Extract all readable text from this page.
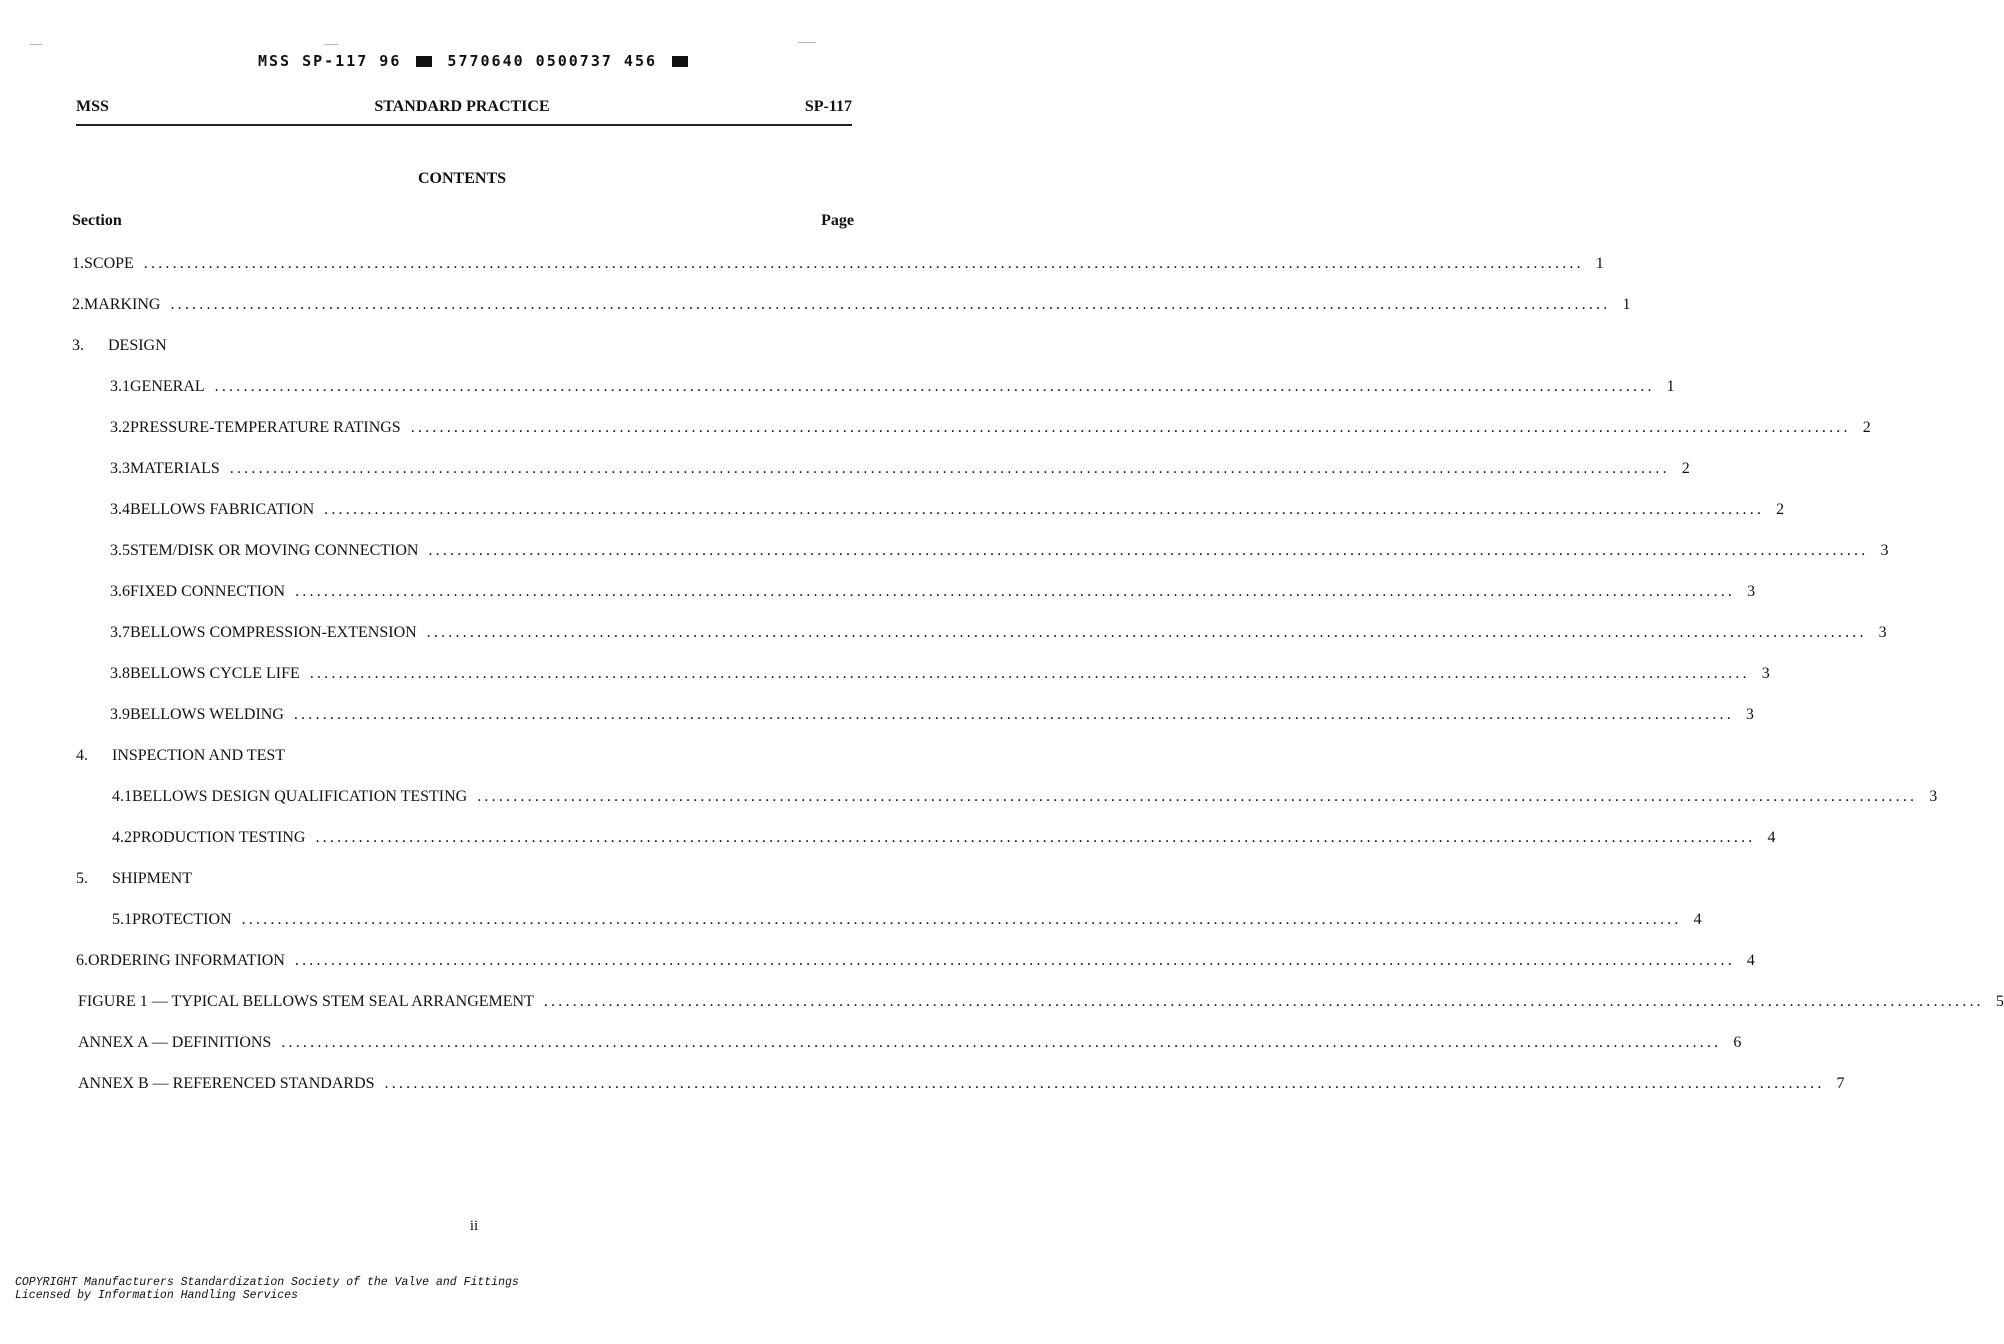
MSS SP-117 96	5770640 0500737 456
MSS	STANDARD PRACTICE	SP-117
CONTENTS
Section	Page
1. SCOPE ........................................................................................................................................................................................................ 1
2. MARKING ........................................................................................................................................................................................................ 1
3.	DESIGN
3.1 GENERAL ........................................................................................................................................................................................................ 1
3.2 PRESSURE-TEMPERATURE RATINGS ........................................................................................................................................................................................................ 2
3.3 MATERIALS ........................................................................................................................................................................................................ 2
3.4 BELLOWS FABRICATION ........................................................................................................................................................................................................ 2
3.5 STEM/DISK OR MOVING CONNECTION ........................................................................................................................................................................................................ 3
3.6 FIXED CONNECTION ........................................................................................................................................................................................................ 3
3.7 BELLOWS COMPRESSION-EXTENSION ........................................................................................................................................................................................................ 3
3.8 BELLOWS CYCLE LIFE ........................................................................................................................................................................................................ 3
3.9 BELLOWS WELDING ........................................................................................................................................................................................................ 3
4.	INSPECTION AND TEST
4.1 BELLOWS DESIGN QUALIFICATION TESTING ........................................................................................................................................................................................................ 3
4.2 PRODUCTION TESTING ........................................................................................................................................................................................................ 4
5.	SHIPMENT
5.1 PROTECTION ........................................................................................................................................................................................................ 4
6. ORDERING INFORMATION ........................................................................................................................................................................................................ 4
FIGURE 1 — TYPICAL BELLOWS STEM SEAL ARRANGEMENT ........................................................................................................................................................................................................ 5
ANNEX A — DEFINITIONS ........................................................................................................................................................................................................ 6
ANNEX B — REFERENCED STANDARDS ........................................................................................................................................................................................................ 7
ii
COPYRIGHT Manufacturers Standardization Society of the Valve and Fittings
Licensed by Information Handling Services
